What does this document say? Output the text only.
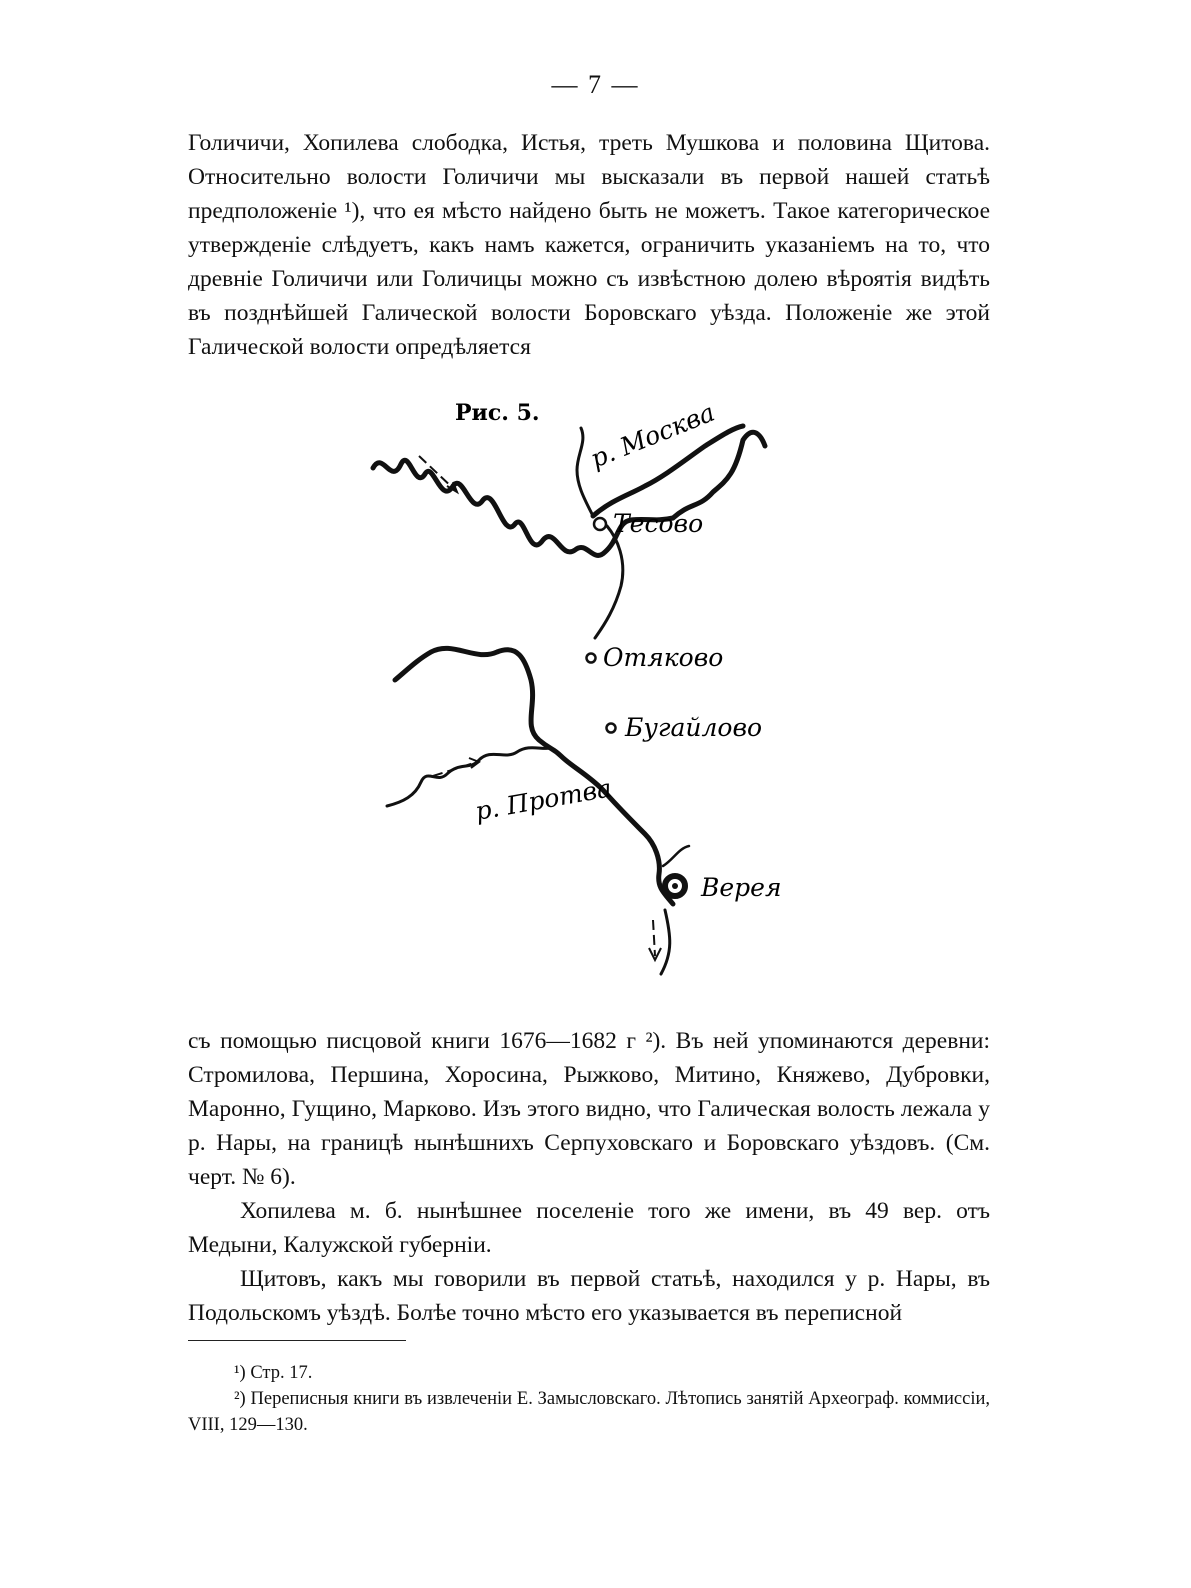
— 7 —

Голичичи, Хопилева слободка, Истья, треть Мушкова и половина Щитова. Относительно волости Голичичи мы высказали въ первой нашей статьѣ предположеніе ¹), что ея мѣсто найдено быть не можетъ. Такое категорическое утвержденіе слѣдуетъ, какъ намъ кажется, ограничить указаніемъ на то, что древніе Голичичи или Голичицы можно съ извѣстною долею вѣроятія видѣть въ позднѣйшей Галической волости Боровскаго уѣзда. Положеніе же этой Галической волости опредѣляется

Рис. 5. р. Москва
Тесово
Отяково
Бугайлово
р. Протва
Верея

съ помощью писцовой книги 1676—1682 г ²). Въ ней упоминаются деревни: Стромилова, Першина, Хоросина, Рыжково, Митино, Княжево, Дубровки, Маронно, Гущино, Марково. Изъ этого видно, что Галическая волость лежала у р. Нары, на границѣ нынѣшнихъ Серпуховскаго и Боровскаго уѣздовъ. (См. черт. № 6).

Хопилева м. б. нынѣшнее поселеніе того же имени, въ 49 вер. отъ Медыни, Калужской губерніи.

Щитовъ, какъ мы говорили въ первой статьѣ, находился у р. Нары, въ Подольскомъ уѣздѣ. Болѣе точно мѣсто его указывается въ переписной

¹) Стр. 17.

²) Переписныя книги въ извлеченіи Е. Замысловскаго. Лѣтопись занятій Археограф. коммиссіи, VIII, 129—130.
